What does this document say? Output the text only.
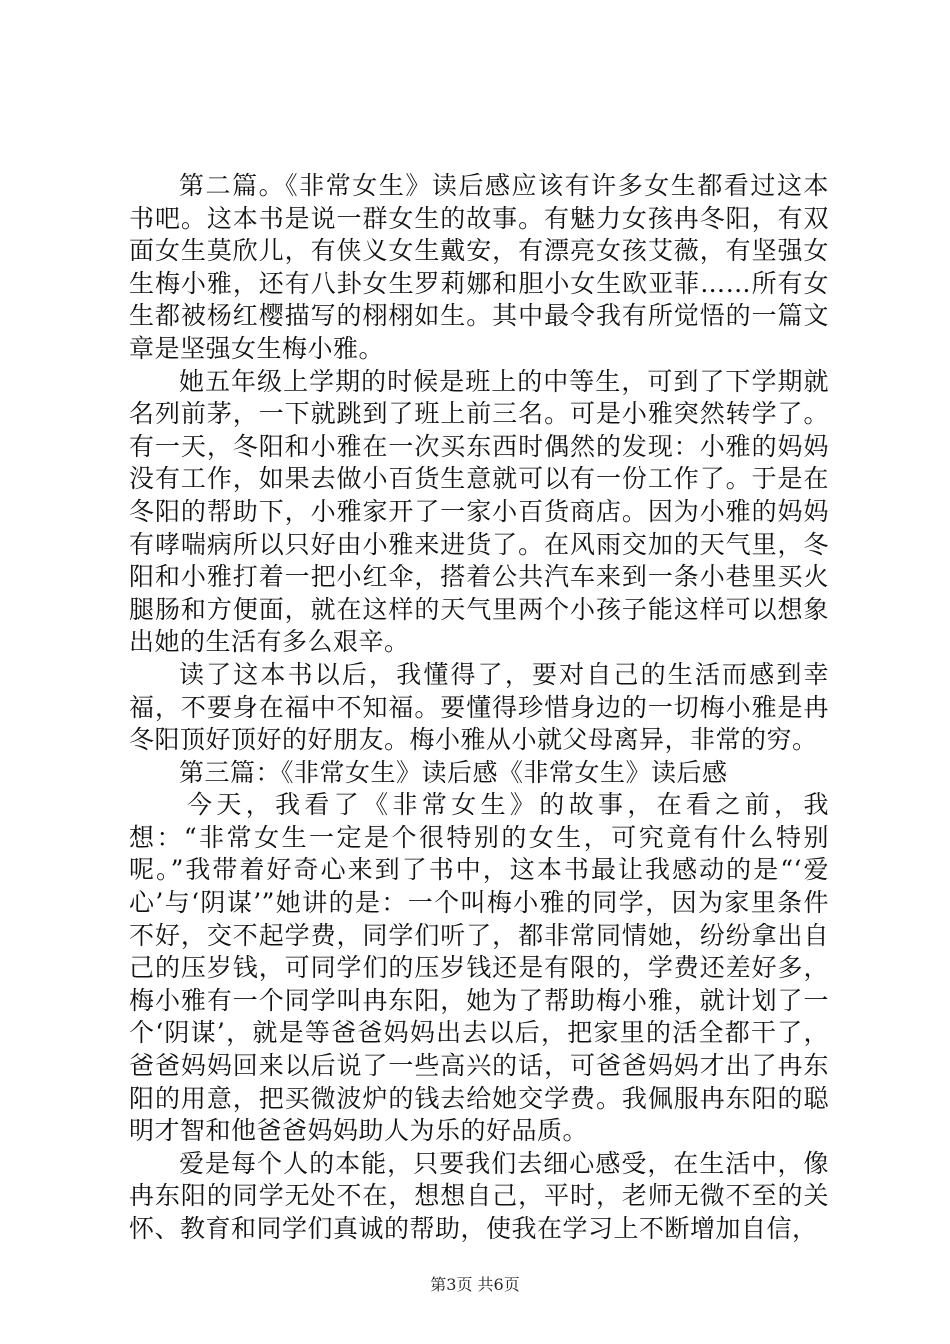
第二篇。《非常女生》读后感应该有许多女生都看过这本书吧。这本书是说一群女生的故事。有魅力女孩冉冬阳，有双面女生莫欣儿，有侠义女生戴安，有漂亮女孩艾薇，有坚强女生梅小雅，还有八卦女生罗莉娜和胆小女生欧亚菲……所有女生都被杨红樱描写的栩栩如生。其中最令我有所觉悟的一篇文章是坚强女生梅小雅。

她五年级上学期的时候是班上的中等生，可到了下学期就名列前茅，一下就跳到了班上前三名。可是小雅突然转学了。有一天，冬阳和小雅在一次买东西时偶然的发现：小雅的妈妈没有工作，如果去做小百货生意就可以有一份工作了。于是在冬阳的帮助下，小雅家开了一家小百货商店。因为小雅的妈妈有哮喘病所以只好由小雅来进货了。在风雨交加的天气里，冬阳和小雅打着一把小红伞，搭着公共汽车来到一条小巷里买火腿肠和方便面，就在这样的天气里两个小孩子能这样可以想象出她的生活有多么艰辛。

读了这本书以后，我懂得了，要对自己的生活而感到幸福，不要身在福中不知福。要懂得珍惜身边的一切梅小雅是冉冬阳顶好顶好的好朋友。梅小雅从小就父母离异，非常的穷。

第三篇：《非常女生》读后感《非常女生》读后感

今天，我看了《非常女生》的故事，在看之前，我想：“非常女生一定是个很特别的女生，可究竟有什么特别呢。”我带着好奇心来到了书中，这本书最让我感动的是“‘爱心’与‘阴谋’”她讲的是：一个叫梅小雅的同学，因为家里条件不好，交不起学费，同学们听了，都非常同情她，纷纷拿出自己的压岁钱，可同学们的压岁钱还是有限的，学费还差好多，梅小雅有一个同学叫冉东阳，她为了帮助梅小雅，就计划了一个‘阴谋’，就是等爸爸妈妈出去以后，把家里的活全都干了，爸爸妈妈回来以后说了一些高兴的话，可爸爸妈妈才出了冉东阳的用意，把买微波炉的钱去给她交学费。我佩服冉东阳的聪明才智和他爸爸妈妈助人为乐的好品质。

爱是每个人的本能，只要我们去细心感受，在生活中，像冉东阳的同学无处不在，想想自己，平时，老师无微不至的关怀、教育和同学们真诚的帮助，使我在学习上不断增加自信，

第3页 共6页
